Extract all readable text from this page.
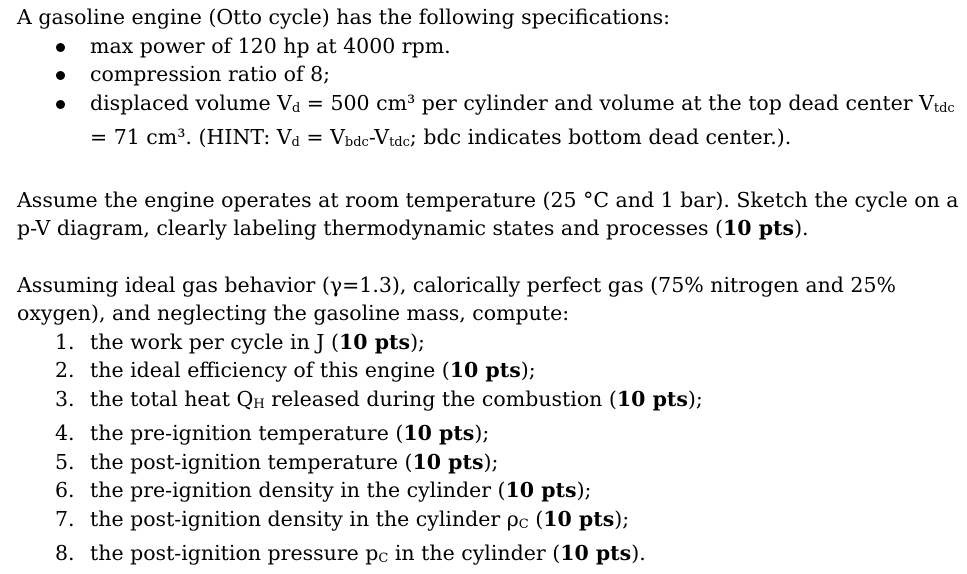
A gasoline engine (Otto cycle) has the following specifications:
max power of 120 hp at 4000 rpm.
compression ratio of 8;
displaced volume Vd = 500 cm³ per cylinder and volume at the top dead center Vtdc
= 71 cm³. (HINT: Vd = Vbdc-Vtdc; bdc indicates bottom dead center.).
Assume the engine operates at room temperature (25 °C and 1 bar). Sketch the cycle on a
p-V diagram, clearly labeling thermodynamic states and processes (10 pts).
Assuming ideal gas behavior (γ=1.3), calorically perfect gas (75% nitrogen and 25%
oxygen), and neglecting the gasoline mass, compute:
1. the work per cycle in J (10 pts);
2. the ideal efficiency of this engine (10 pts);
3. the total heat QH released during the combustion (10 pts);
4. the pre-ignition temperature (10 pts);
5. the post-ignition temperature (10 pts);
6. the pre-ignition density in the cylinder (10 pts);
7. the post-ignition density in the cylinder ρC (10 pts);
8. the post-ignition pressure pC in the cylinder (10 pts).
